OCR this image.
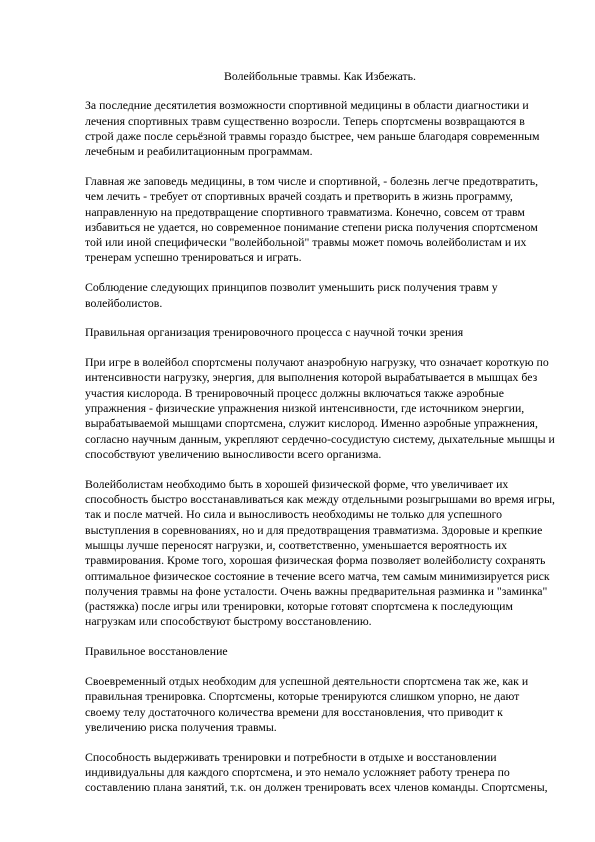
Волейбольные травмы. Как Избежать.

За последние десятилетия возможности спортивной медицины в области диагностики и лечения спортивных травм существенно возросли. Теперь спортсмены возвращаются в строй даже после серьёзной травмы гораздо быстрее, чем раньше благодаря современным лечебным и реабилитационным программам.

Главная же заповедь медицины, в том числе и спортивной, - болезнь легче предотвратить, чем лечить - требует от спортивных врачей создать и претворить в жизнь программу, направленную на предотвращение спортивного травматизма. Конечно, совсем от травм избавиться не удается, но современное понимание степени риска получения спортсменом той или иной специфически "волейбольной" травмы может помочь волейболистам и их тренерам успешно тренироваться и играть.

Соблюдение следующих принципов позволит уменьшить риск получения травм у волейболистов.

Правильная организация тренировочного процесса с научной точки зрения

При игре в волейбол спортсмены получают анаэробную нагрузку, что означает короткую по интенсивности нагрузку, энергия, для выполнения которой вырабатывается в мышцах без участия кислорода. В тренировочный процесс должны включаться также аэробные упражнения - физические упражнения низкой интенсивности, где источником энергии, вырабатываемой мышцами спортсмена, служит кислород. Именно аэробные упражнения, согласно научным данным, укрепляют сердечно-сосудистую систему, дыхательные мышцы и способствуют увеличению выносливости всего организма.

Волейболистам необходимо быть в хорошей физической форме, что увеличивает их способность быстро восстанавливаться как между отдельными розыгрышами во время игры, так и после матчей. Но сила и выносливость необходимы не только для успешного выступления в соревнованиях, но и для предотвращения травматизма. Здоровые и крепкие мышцы лучше переносят нагрузки, и, соответственно, уменьшается вероятность их травмирования. Кроме того, хорошая физическая форма позволяет волейболисту сохранять оптимальное физическое состояние в течение всего матча, тем самым минимизируется риск получения травмы на фоне усталости. Очень важны предварительная разминка и "заминка" (растяжка) после игры или тренировки, которые готовят спортсмена к последующим нагрузкам или способствуют быстрому восстановлению.

Правильное восстановление

Своевременный отдых необходим для успешной деятельности спортсмена так же, как и правильная тренировка. Спортсмены, которые тренируются слишком упорно, не дают своему телу достаточного количества времени для восстановления, что приводит к увеличению риска получения травмы.

Способность выдерживать тренировки и потребности в отдыхе и восстановлении индивидуальны для каждого спортсмена, и это немало усложняет работу тренера по составлению плана занятий, т.к. он должен тренировать всех членов команды. Спортсмены,
